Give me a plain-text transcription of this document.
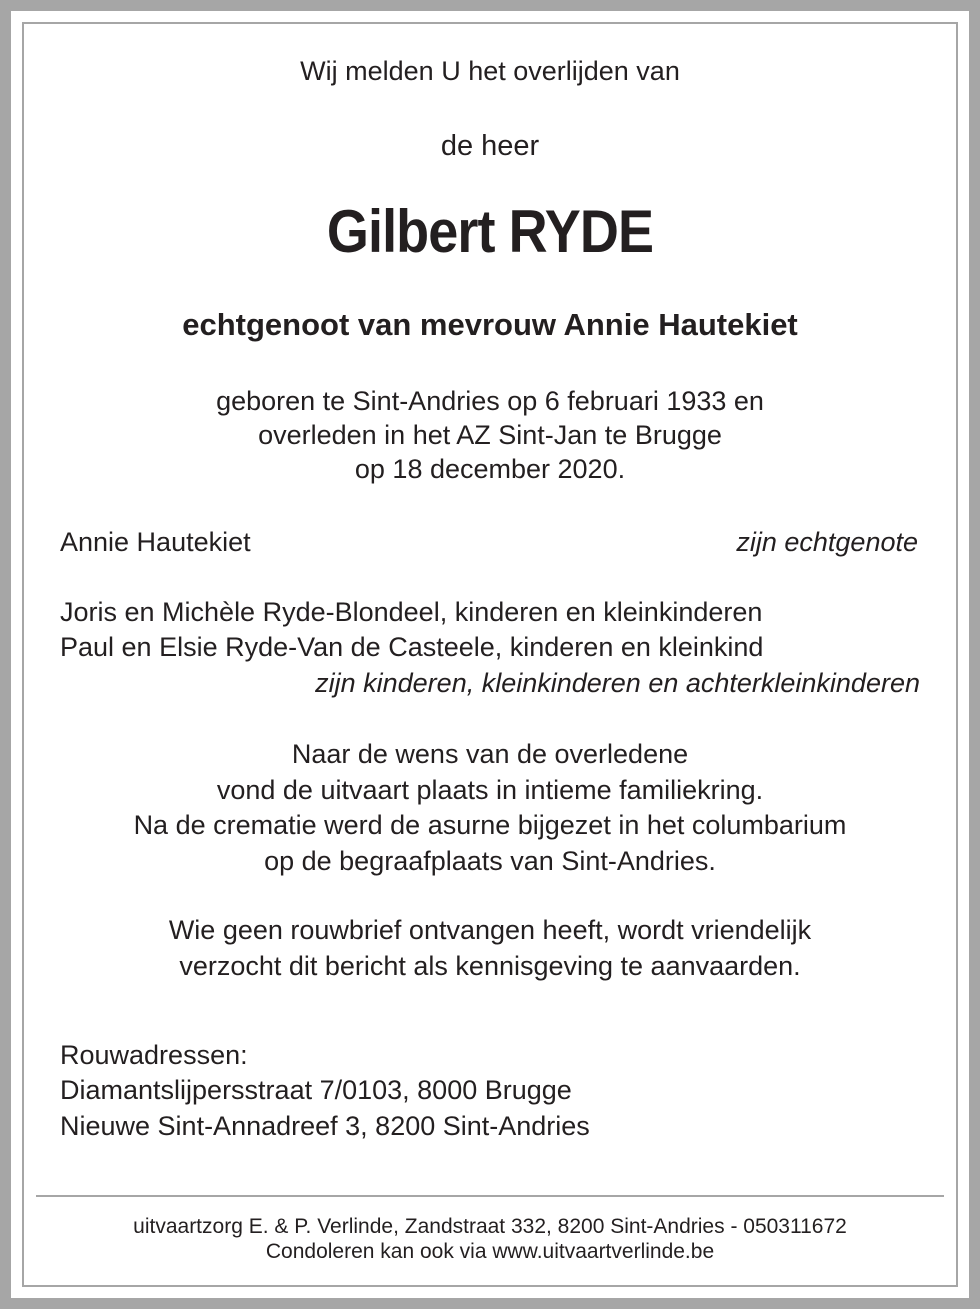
Wij melden U het overlijden van
de heer
Gilbert RYDE
echtgenoot van mevrouw Annie Hautekiet
geboren te Sint-Andries op 6 februari 1933 en
overleden in het AZ Sint-Jan te Brugge
op 18 december 2020.
Annie Hautekiet	zijn echtgenote
Joris en Michèle Ryde-Blondeel, kinderen en kleinkinderen
Paul en Elsie Ryde-Van de Casteele, kinderen en kleinkind
zijn kinderen, kleinkinderen en achterkleinkinderen
Naar de wens van de overledene
vond de uitvaart plaats in intieme familiekring.
Na de crematie werd de asurne bijgezet in het columbarium
op de begraafplaats van Sint-Andries.
Wie geen rouwbrief ontvangen heeft, wordt vriendelijk
verzocht dit bericht als kennisgeving te aanvaarden.
Rouwadressen:
Diamantslijpersstraat 7/0103, 8000 Brugge
Nieuwe Sint-Annadreef 3, 8200 Sint-Andries
uitvaartzorg E. & P. Verlinde, Zandstraat 332, 8200 Sint-Andries - 050311672
Condoleren kan ook via www.uitvaartverlinde.be
